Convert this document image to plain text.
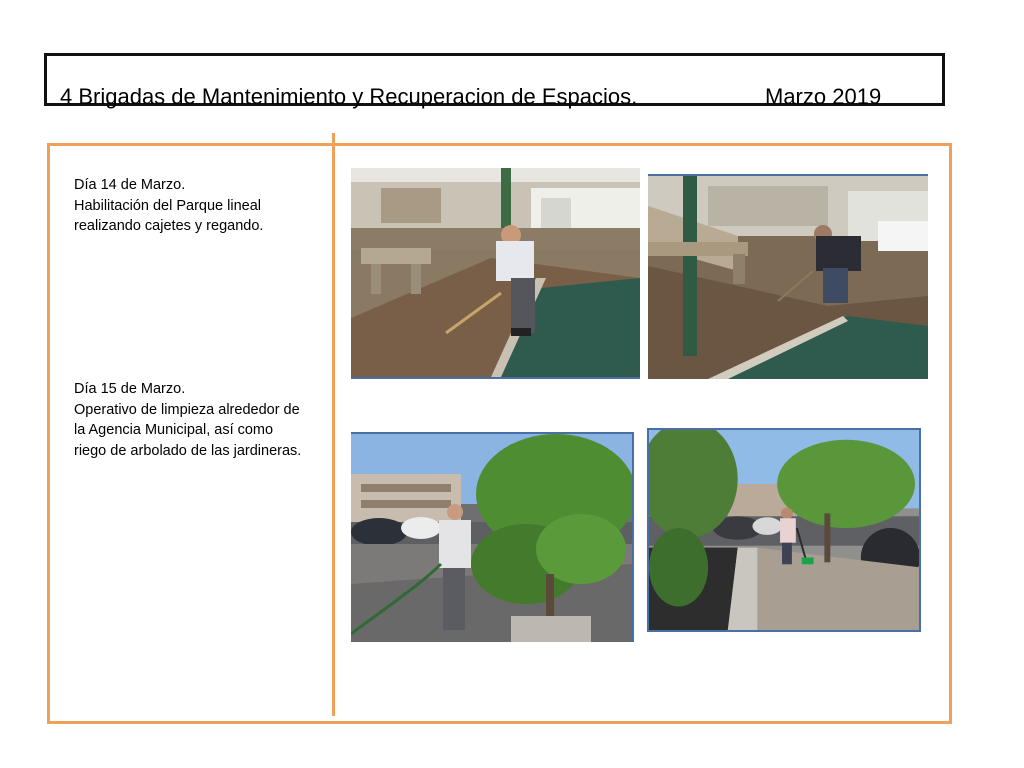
4 Brigadas de Mantenimiento y Recuperacion de Espacios.	Marzo 2019

Día 14 de Marzo.

Habilitación del Parque lineal

realizando cajetes y regando.

Día 15 de Marzo.

Operativo de limpieza alrededor de

la Agencia Municipal, así como

riego de arbolado de las jardineras.
